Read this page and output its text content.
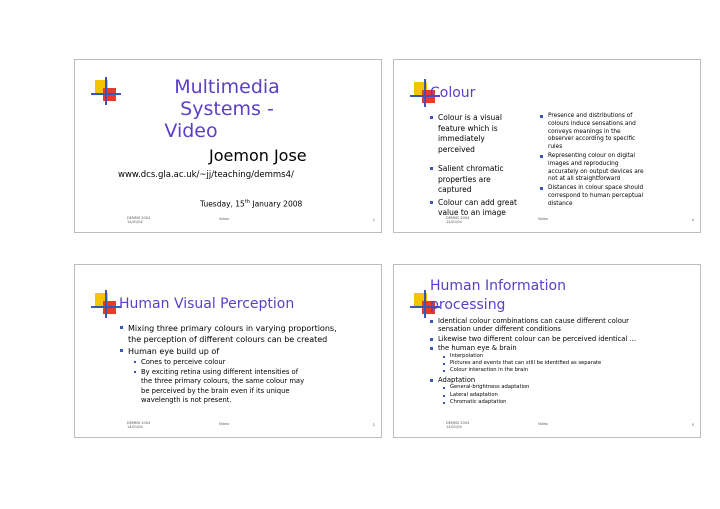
Multimedia Systems -
Video
Joemon Jose
www.dcs.gla.ac.uk/~jj/teaching/demms4/
Tuesday, 15th January 2008
DEMMS 2004
14/01/04
Video	1
Colour
Colour is a visual feature which is immediately perceived
Salient chromatic properties are captured
Colour can add great value to an image
Presence and distributions of colours induce sensations and conveys meanings in the observer according to specific rules
Representing colour on digital images and reproducing accurately on output devices are not at all straightforward
Distances in colour space should correspond to human perceptual distance
DEMMS 2004
14/01/04
Video	4
Human Visual Perception
Mixing three primary colours in varying proportions, the perception of different colours can be created
Human eye build up of
Cones to perceive colour
By exciting retina using different intensities of the three primary colours, the same colour may be perceived by the brain even if its unique wavelength is not present.
DEMMS 2004
14/01/04
Video	2
Human Information
processing
Identical colour combinations can cause different colour sensation under different conditions
Likewise two different colour can be perceived identical ...
the human eye & brain
Interpolation
Pictures and events that can still be identified as separate
Colour interaction in the brain
Adaptation
General-brightness adaptation
Lateral adaptation
Chromatic adaptation
DEMMS 2004
14/01/04
Video	5
